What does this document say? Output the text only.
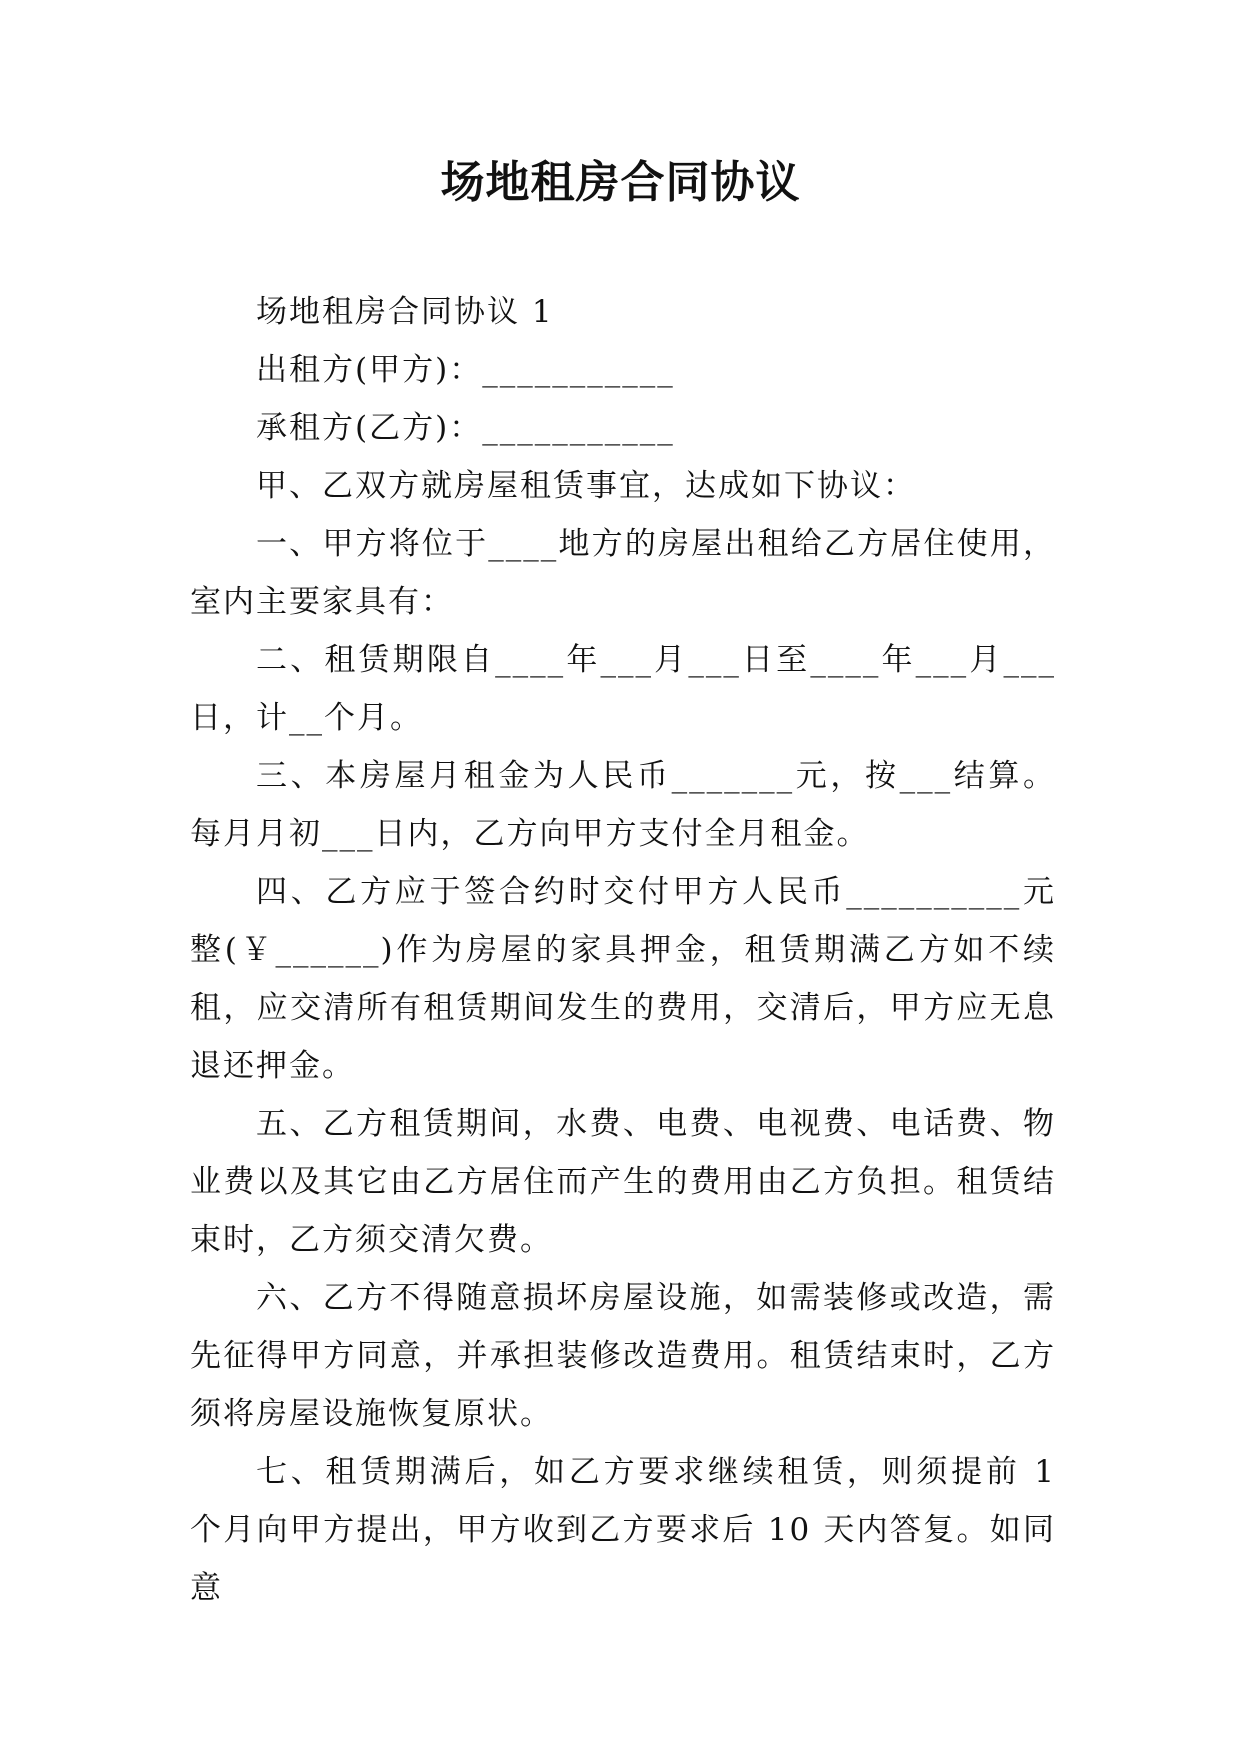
场地租房合同协议

场地租房合同协议 1

出租方(甲方)：___________

承租方(乙方)：___________

甲、乙双方就房屋租赁事宜，达成如下协议：

一、甲方将位于____地方的房屋出租给乙方居住使用，室内主要家具有：

二、租赁期限自____年___月___日至____年___月___日，计__个月。

三、本房屋月租金为人民币_______元，按___结算。每月月初___日内，乙方向甲方支付全月租金。

四、乙方应于签合约时交付甲方人民币__________元整(￥______)作为房屋的家具押金，租赁期满乙方如不续租，应交清所有租赁期间发生的费用，交清后，甲方应无息退还押金。

五、乙方租赁期间，水费、电费、电视费、电话费、物业费以及其它由乙方居住而产生的费用由乙方负担。租赁结束时，乙方须交清欠费。

六、乙方不得随意损坏房屋设施，如需装修或改造，需先征得甲方同意，并承担装修改造费用。租赁结束时，乙方须将房屋设施恢复原状。

七、租赁期满后，如乙方要求继续租赁，则须提前 1 个月向甲方提出，甲方收到乙方要求后 10 天内答复。如同意
